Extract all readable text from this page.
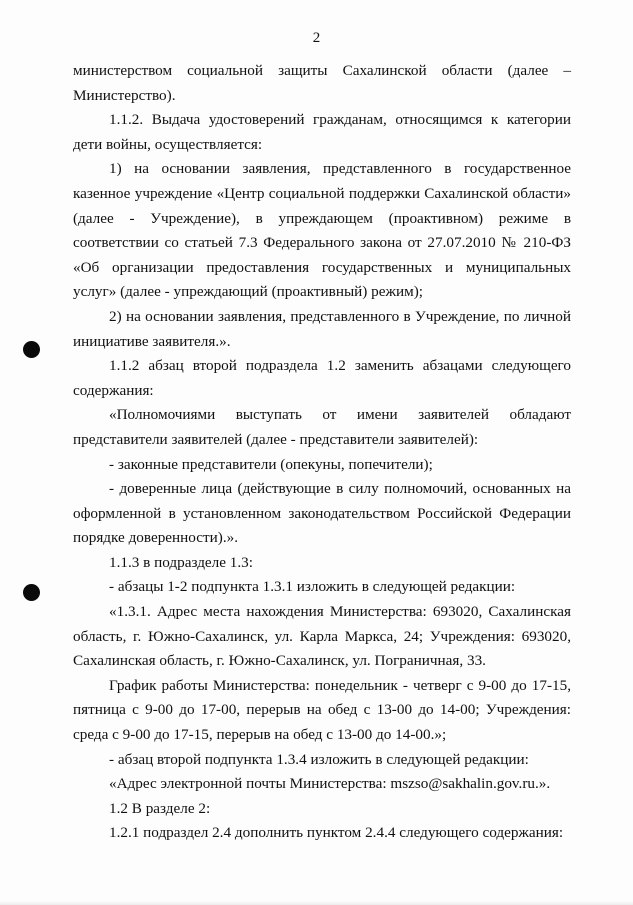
2

министерством социальной защиты Сахалинской области (далее – Министерство).

1.1.2. Выдача удостоверений гражданам, относящимся к категории дети войны, осуществляется:

1) на основании заявления, представленного в государственное казенное учреждение «Центр социальной поддержки Сахалинской области» (далее - Учреждение), в упреждающем (проактивном) режиме в соответствии со статьей 7.3 Федерального закона от 27.07.2010 № 210-ФЗ «Об организации предоставления государственных и муниципальных услуг» (далее - упреждающий (проактивный) режим);

2) на основании заявления, представленного в Учреждение, по личной инициативе заявителя.».

1.1.2 абзац второй подраздела 1.2 заменить абзацами следующего содержания:

«Полномочиями выступать от имени заявителей обладают представители заявителей (далее - представители заявителей):

- законные представители (опекуны, попечители);

- доверенные лица (действующие в силу полномочий, основанных на оформленной в установленном законодательством Российской Федерации порядке доверенности).».

1.1.3 в подразделе 1.3:

- абзацы 1-2 подпункта 1.3.1 изложить в следующей редакции:

«1.3.1. Адрес места нахождения Министерства: 693020, Сахалинская область, г. Южно-Сахалинск, ул. Карла Маркса, 24; Учреждения: 693020, Сахалинская область, г. Южно-Сахалинск, ул. Пограничная, 33.

График работы Министерства: понедельник - четверг с 9-00 до 17-15, пятница с 9-00 до 17-00, перерыв на обед с 13-00 до 14-00; Учреждения: среда с 9-00 до 17-15, перерыв на обед с 13-00 до 14-00.»;

- абзац второй подпункта 1.3.4 изложить в следующей редакции:

«Адрес электронной почты Министерства: mszso@sakhalin.gov.ru.».

1.2 В разделе 2:

1.2.1 подраздел 2.4 дополнить пунктом 2.4.4 следующего содержания:
